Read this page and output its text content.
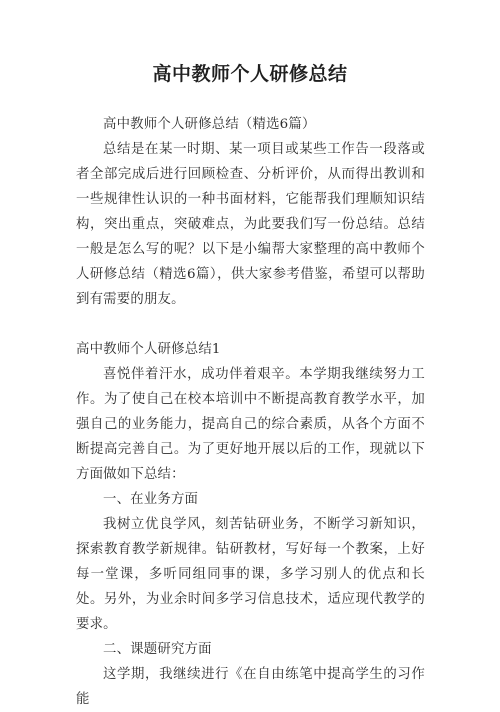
高中教师个人研修总结

高中教师个人研修总结（精选6篇）

总结是在某一时期、某一项目或某些工作告一段落或者全部完成后进行回顾检查、分析评价，从而得出教训和一些规律性认识的一种书面材料，它能帮我们理顺知识结构，突出重点，突破难点，为此要我们写一份总结。总结一般是怎么写的呢？以下是小编帮大家整理的高中教师个人研修总结（精选6篇），供大家参考借鉴，希望可以帮助到有需要的朋友。

高中教师个人研修总结1

喜悦伴着汗水，成功伴着艰辛。本学期我继续努力工作。为了使自己在校本培训中不断提高教育教学水平，加强自己的业务能力，提高自己的综合素质，从各个方面不断提高完善自己。为了更好地开展以后的工作，现就以下方面做如下总结：

一、在业务方面

我树立优良学风，刻苦钻研业务，不断学习新知识，探索教育教学新规律。钻研教材，写好每一个教案，上好每一堂课，多听同组同事的课，多学习别人的优点和长处。另外，为业余时间多学习信息技术，适应现代教学的要求。

二、课题研究方面

这学期，我继续进行《在自由练笔中提高学生的习作能
